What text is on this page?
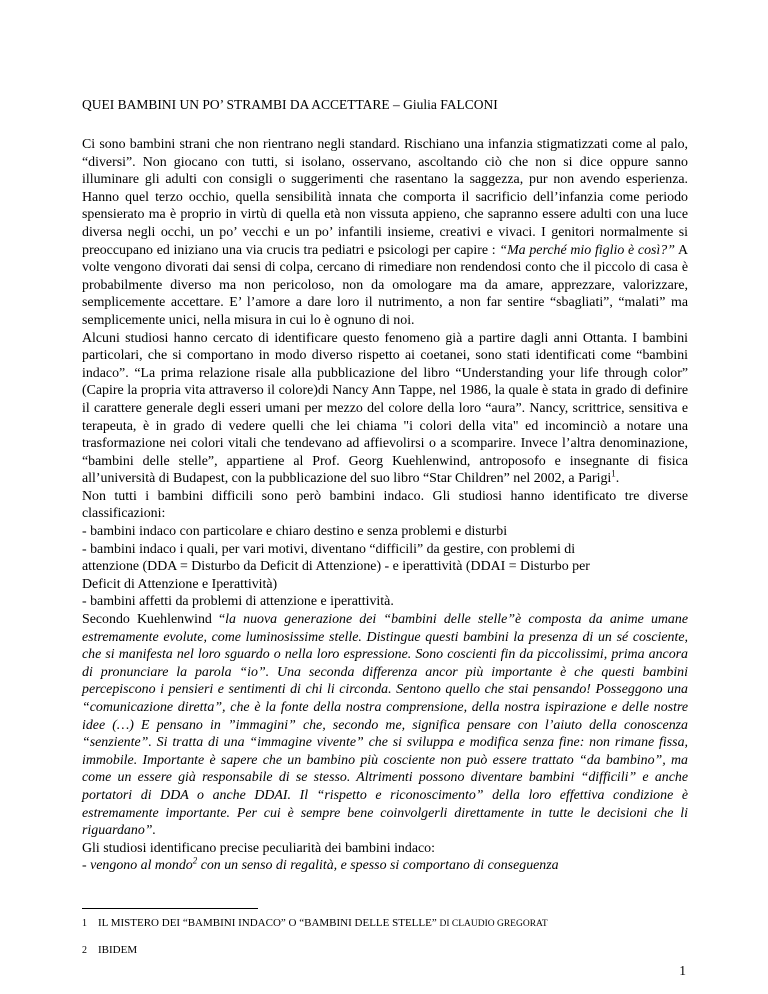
QUEI BAMBINI UN PO’ STRAMBI DA ACCETTARE – Giulia FALCONI

Ci sono bambini strani che non rientrano negli standard. Rischiano una infanzia stigmatizzati come al palo, “diversi”. Non giocano con tutti, si isolano, osservano, ascoltando ciò che non si dice oppure sanno illuminare gli adulti con consigli o suggerimenti che rasentano la saggezza, pur non avendo esperienza. Hanno quel terzo occhio, quella sensibilità innata che comporta il sacrificio dell’infanzia come periodo spensierato ma è proprio in virtù di quella età non vissuta appieno, che sapranno essere adulti con una luce diversa negli occhi, un po’ vecchi e un po’ infantili insieme, creativi e vivaci. I genitori normalmente si preoccupano ed iniziano una via crucis tra pediatri e psicologi per capire : “Ma perché mio figlio è così?” A volte vengono divorati dai sensi di colpa, cercano di rimediare non rendendosi conto che il piccolo di casa è probabilmente diverso ma non pericoloso, non da omologare ma da amare, apprezzare, valorizzare, semplicemente accettare. E’ l’amore a dare loro il nutrimento, a non far sentire “sbagliati”, “malati” ma semplicemente unici, nella misura in cui lo è ognuno di noi.

Alcuni studiosi hanno cercato di identificare questo fenomeno già a partire dagli anni Ottanta. I bambini particolari, che si comportano in modo diverso rispetto ai coetanei, sono stati identificati come “bambini indaco”. “La prima relazione risale alla pubblicazione del libro “Understanding your life through color” (Capire la propria vita attraverso il colore)di Nancy Ann Tappe, nel 1986, la quale è stata in grado di definire il carattere generale degli esseri umani per mezzo del colore della loro “aura”. Nancy, scrittrice, sensitiva e terapeuta, è in grado di vedere quelli che lei chiama "i colori della vita" ed incominciò a notare una trasformazione nei colori vitali che tendevano ad affievolirsi o a scomparire. Invece l’altra denominazione, “bambini delle stelle”, appartiene al Prof. Georg Kuehlenwind, antroposofo e insegnante di fisica all’università di Budapest, con la pubblicazione del suo libro “Star Children” nel 2002, a Parigi$^1$.

Non tutti i bambini difficili sono però bambini indaco. Gli studiosi hanno identificato tre diverse classificazioni:

- bambini indaco con particolare e chiaro destino e senza problemi e disturbi

- bambini indaco i quali, per vari motivi, diventano “difficili” da gestire, con problemi di
attenzione (DDA = Disturbo da Deficit di Attenzione) - e iperattività (DDAI = Disturbo per
Deficit di Attenzione e Iperattività)

- bambini affetti da problemi di attenzione e iperattività.

Secondo Kuehlenwind “la nuova generazione dei “bambini delle stelle”è composta da anime umane estremamente evolute, come luminosissime stelle. Distingue questi bambini la presenza di un sé cosciente, che si manifesta nel loro sguardo o nella loro espressione. Sono coscienti fin da piccolissimi, prima ancora di pronunciare la parola “io”. Una seconda differenza ancor più importante è che questi bambini percepiscono i pensieri e sentimenti di chi li circonda. Sentono quello che stai pensando! Posseggono una “comunicazione diretta”, che è la fonte della nostra comprensione, della nostra ispirazione e delle nostre idee (…) E pensano in ”immagini” che, secondo me, significa pensare con l’aiuto della conoscenza “senziente”. Si tratta di una “immagine vivente” che si sviluppa e modifica senza fine: non rimane fissa, immobile. Importante è sapere che un bambino più cosciente non può essere trattato “da bambino”, ma come un essere già responsabile di se stesso. Altrimenti possono diventare bambini “difficili” e anche portatori di DDA o anche DDAI. Il “rispetto e riconoscimento” della loro effettiva condizione è estremamente importante. Per cui è sempre bene coinvolgerli direttamente in tutte le decisioni che li riguardano”.

Gli studiosi identificano precise peculiarità dei bambini indaco:

- vengono al mondo$^2$ con un senso di regalità, e spesso si comportano di conseguenza

1 IL MISTERO DEI “BAMBINI INDACO” O “BAMBINI DELLE STELLE” DI CLAUDIO GREGORAT
2 IBIDEM
1
